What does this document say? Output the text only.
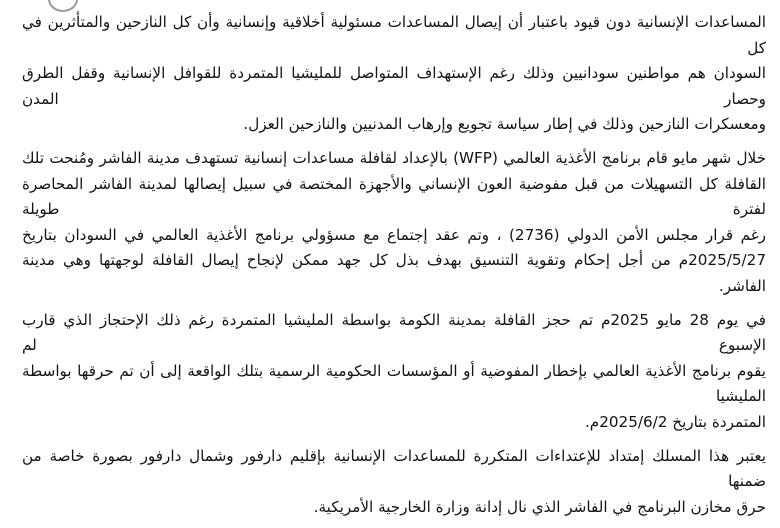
المساعدات الإنسانية دون قيود باعتبار أن إيصال المساعدات مسئولية أخلاقية وإنسانية وأن كل النازحين والمتأثرين في كل
السودان هم مواطنين سودانيين وذلك رغم الإستهداف المتواصل للمليشيا المتمردة للقوافل الإنسانية وقفل الطرق وحصار المدن
ومعسكرات النازحين وذلك في إطار سياسة تجويع وإرهاب المدنيين والنازحين العزل.
خلال شهر مايو قام برنامج الأغذية العالمي (WFP) بالإعداد لقافلة مساعدات إنسانية تستهدف مدينة الفاشر ومُنحت تلك
القافلة كل التسهيلات من قبل مفوضية العون الإنساني والأجهزة المختصة في سبيل إيصالها لمدينة الفاشر المحاصرة لفترة طويلة
رغم قرار مجلس الأمن الدولي (2736) ، وتم عقد إجتماع مع مسؤولي برنامج الأغذية العالمي في السودان بتاريخ
2025/5/27م من أجل إحكام وتقوية التنسيق بهدف بذل كل جهد ممكن لإنجاح إيصال القافلة لوجهتها وهي مدينة
الفاشر.
في يوم 28 مايو 2025م تم حجز القافلة بمدينة الكومة بواسطة المليشيا المتمردة رغم ذلك الإحتجاز الذي قارب الإسبوع لم
يقوم برنامج الأغذية العالمي بإخطار المفوضية أو المؤسسات الحكومية الرسمية بتلك الواقعة إلى أن تم حرقها بواسطة المليشيا
المتمردة بتاريخ 2025/6/2م.
يعتبر هذا المسلك إمتداد للإعتداءات المتكررة للمساعدات الإنسانية بإقليم دارفور وشمال دارفور بصورة خاصة من ضمنها
حرق مخازن البرنامج في الفاشر الذي نال إدانة وزارة الخارجية الأمريكية.
